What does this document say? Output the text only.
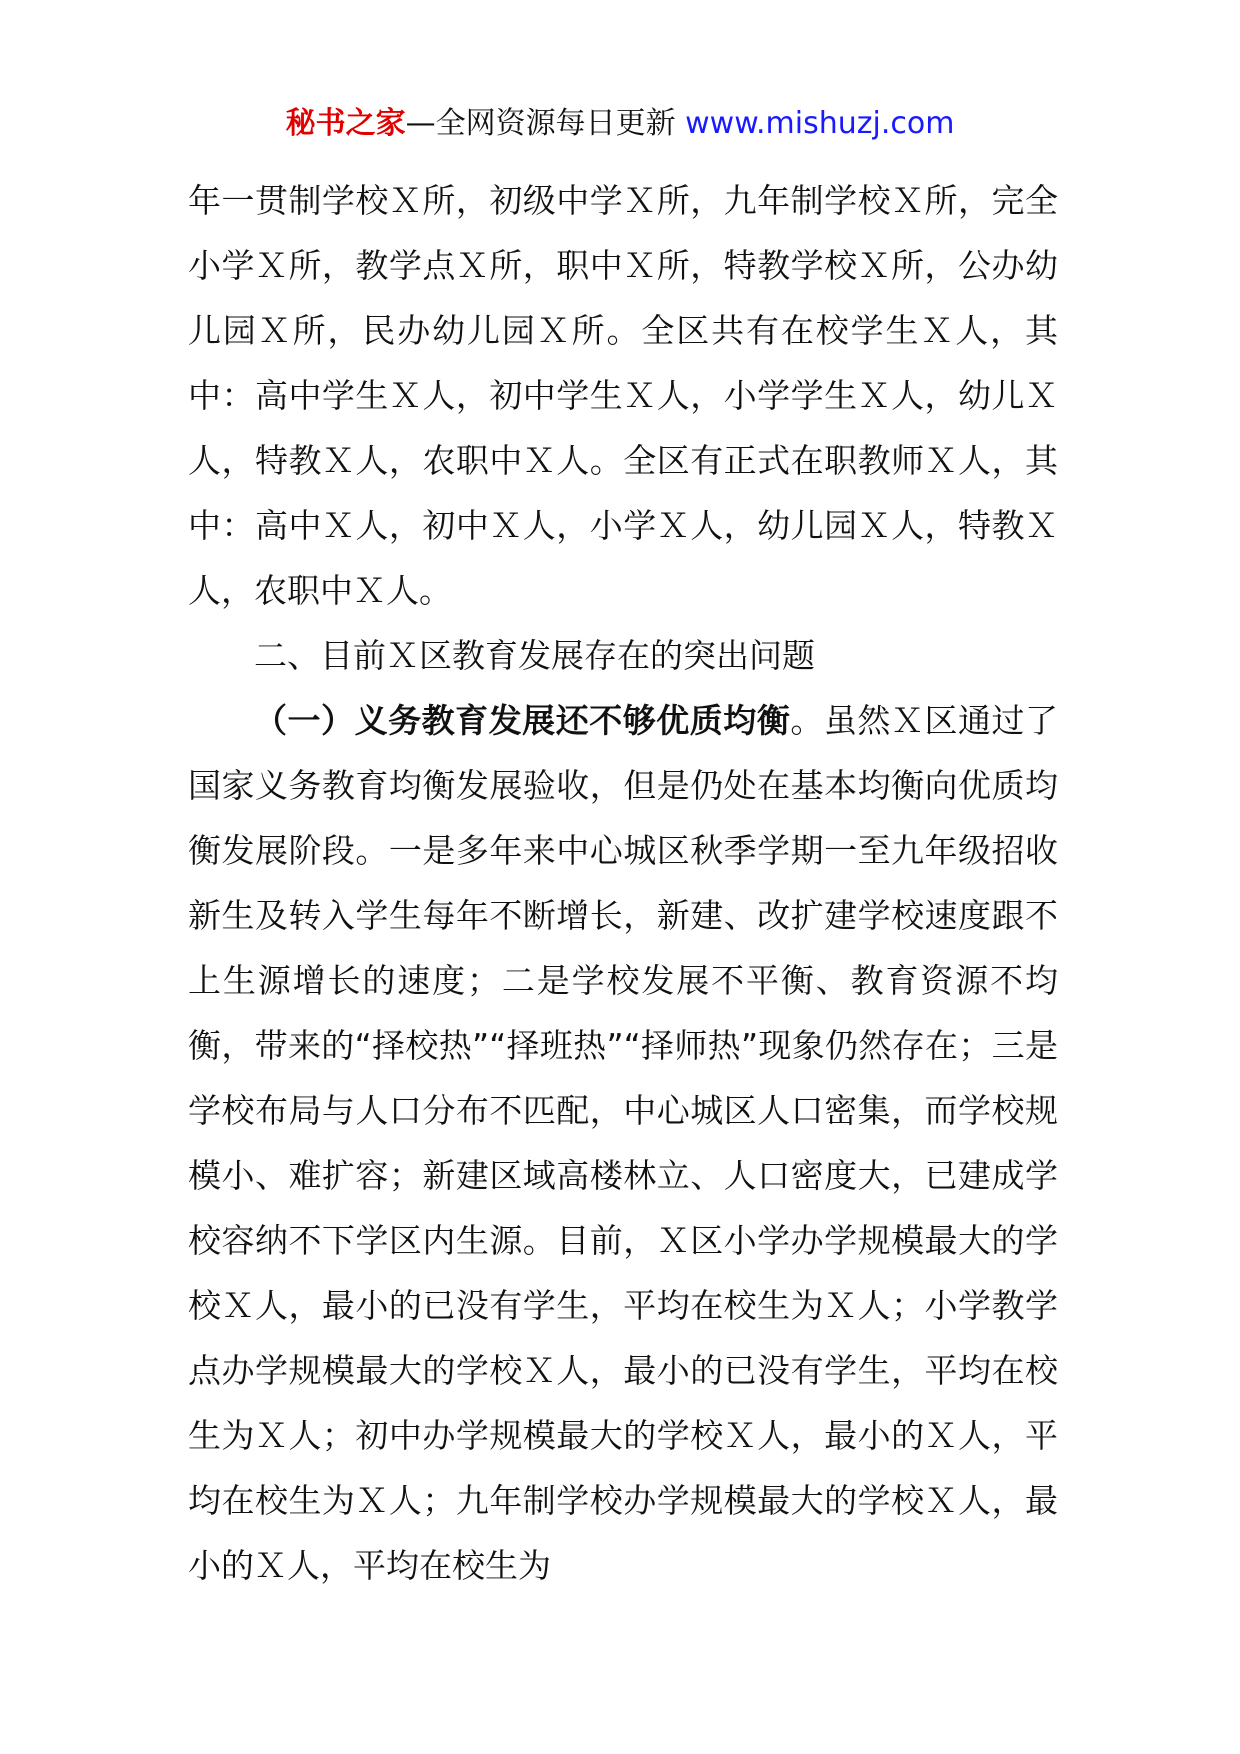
秘书之家—全网资源每日更新 www.mishuzj.com

年一贯制学校Ｘ所，初级中学Ｘ所，九年制学校Ｘ所，完全小学Ｘ所，教学点Ｘ所，职中Ｘ所，特教学校Ｘ所，公办幼儿园Ｘ所，民办幼儿园Ｘ所。全区共有在校学生Ｘ人，其中：高中学生Ｘ人，初中学生Ｘ人，小学学生Ｘ人，幼儿Ｘ人，特教Ｘ人，农职中Ｘ人。全区有正式在职教师Ｘ人，其中：高中Ｘ人，初中Ｘ人，小学Ｘ人，幼儿园Ｘ人，特教Ｘ人，农职中Ｘ人。

二、目前Ｘ区教育发展存在的突出问题

（一）义务教育发展还不够优质均衡。虽然Ｘ区通过了国家义务教育均衡发展验收，但是仍处在基本均衡向优质均衡发展阶段。一是多年来中心城区秋季学期一至九年级招收新生及转入学生每年不断增长，新建、改扩建学校速度跟不上生源增长的速度；二是学校发展不平衡、教育资源不均衡，带来的“择校热”“择班热”“择师热”现象仍然存在；三是学校布局与人口分布不匹配，中心城区人口密集，而学校规模小、难扩容；新建区域高楼林立、人口密度大，已建成学校容纳不下学区内生源。目前，Ｘ区小学办学规模最大的学校Ｘ人，最小的已没有学生，平均在校生为Ｘ人；小学教学点办学规模最大的学校Ｘ人，最小的已没有学生，平均在校生为Ｘ人；初中办学规模最大的学校Ｘ人，最小的Ｘ人，平均在校生为Ｘ人；九年制学校办学规模最大的学校Ｘ人，最小的Ｘ人，平均在校生为
